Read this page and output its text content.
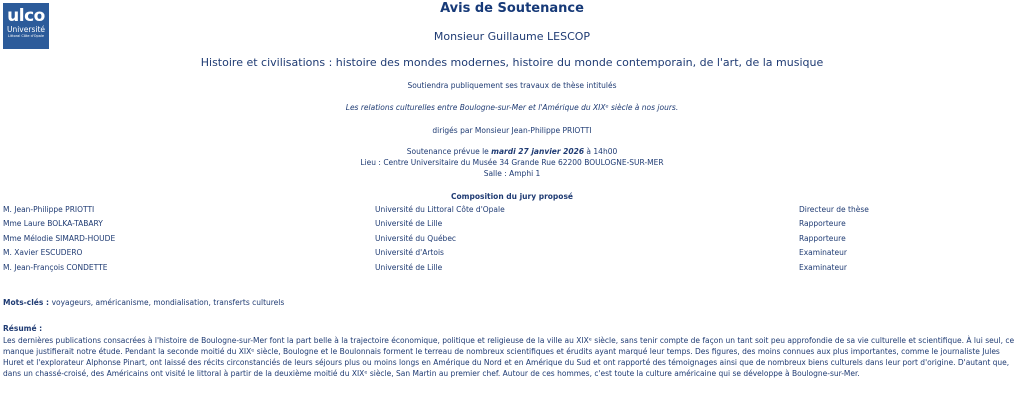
ulco
Université
Littoral Côte d'Opale
Avis de Soutenance
Monsieur Guillaume LESCOP
Histoire et civilisations : histoire des mondes modernes, histoire du monde contemporain, de l'art, de la musique
Soutiendra publiquement ses travaux de thèse intitulés
Les relations culturelles entre Boulogne-sur-Mer et l'Amérique du XIXᵉ siècle à nos jours.
dirigés par Monsieur Jean-Philippe PRIOTTI
Soutenance prévue le mardi 27 janvier 2026 à 14h00
Lieu : Centre Universitaire du Musée 34 Grande Rue 62200 BOULOGNE-SUR-MER
Salle : Amphi 1
Composition du jury proposé
M. Jean-Philippe PRIOTTI	Université du Littoral Côte d'Opale	Directeur de thèse
Mme Laure BOLKA-TABARY	Université de Lille	Rapporteure
Mme Mélodie SIMARD-HOUDE	Université du Québec	Rapporteure
M. Xavier ESCUDERO	Université d'Artois	Examinateur
M. Jean-François CONDETTE	Université de Lille	Examinateur
Mots-clés : voyageurs, américanisme, mondialisation, transferts culturels
Résumé :
Les dernières publications consacrées à l'histoire de Boulogne-sur-Mer font la part belle à la trajectoire économique, politique et religieuse de la ville au XIXᵉ siècle, sans tenir compte de façon un tant soit peu approfondie de sa vie culturelle et scientifique. À lui seul, ce manque justifierait notre étude. Pendant la seconde moitié du XIXᵉ siècle, Boulogne et le Boulonnais forment le terreau de nombreux scientifiques et érudits ayant marqué leur temps. Des figures, des moins connues aux plus importantes, comme le journaliste Jules Huret et l'explorateur Alphonse Pinart, ont laissé des récits circonstanciés de leurs séjours plus ou moins longs en Amérique du Nord et en Amérique du Sud et ont rapporté des témoignages ainsi que de nombreux biens culturels dans leur port d'origine. D'autant que, dans un chassé-croisé, des Américains ont visité le littoral à partir de la deuxième moitié du XIXᵉ siècle, San Martin au premier chef. Autour de ces hommes, c'est toute la culture américaine qui se développe à Boulogne-sur-Mer.
